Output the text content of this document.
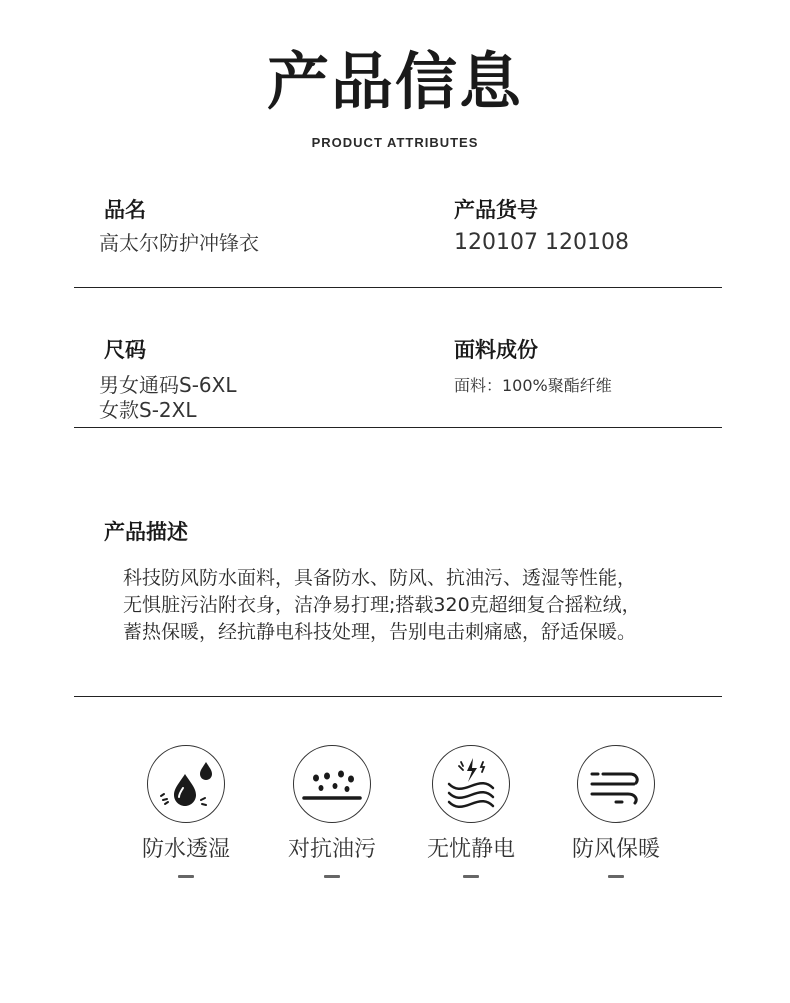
产品信息
PRODUCT ATTRIBUTES
品名
高太尔防护冲锋衣
产品货号
120107 120108
尺码
男女通码S-6XL
女款S-2XL
面料成份
面料：100%聚酯纤维
产品描述
科技防风防水面料，具备防水、防风、抗油污、透湿等性能，
无惧脏污沾附衣身，洁净易打理;搭载320克超细复合摇粒绒，
蓄热保暖，经抗静电科技处理，告别电击刺痛感，舒适保暖。
防水透湿	对抗油污	无忧静电	防风保暖
